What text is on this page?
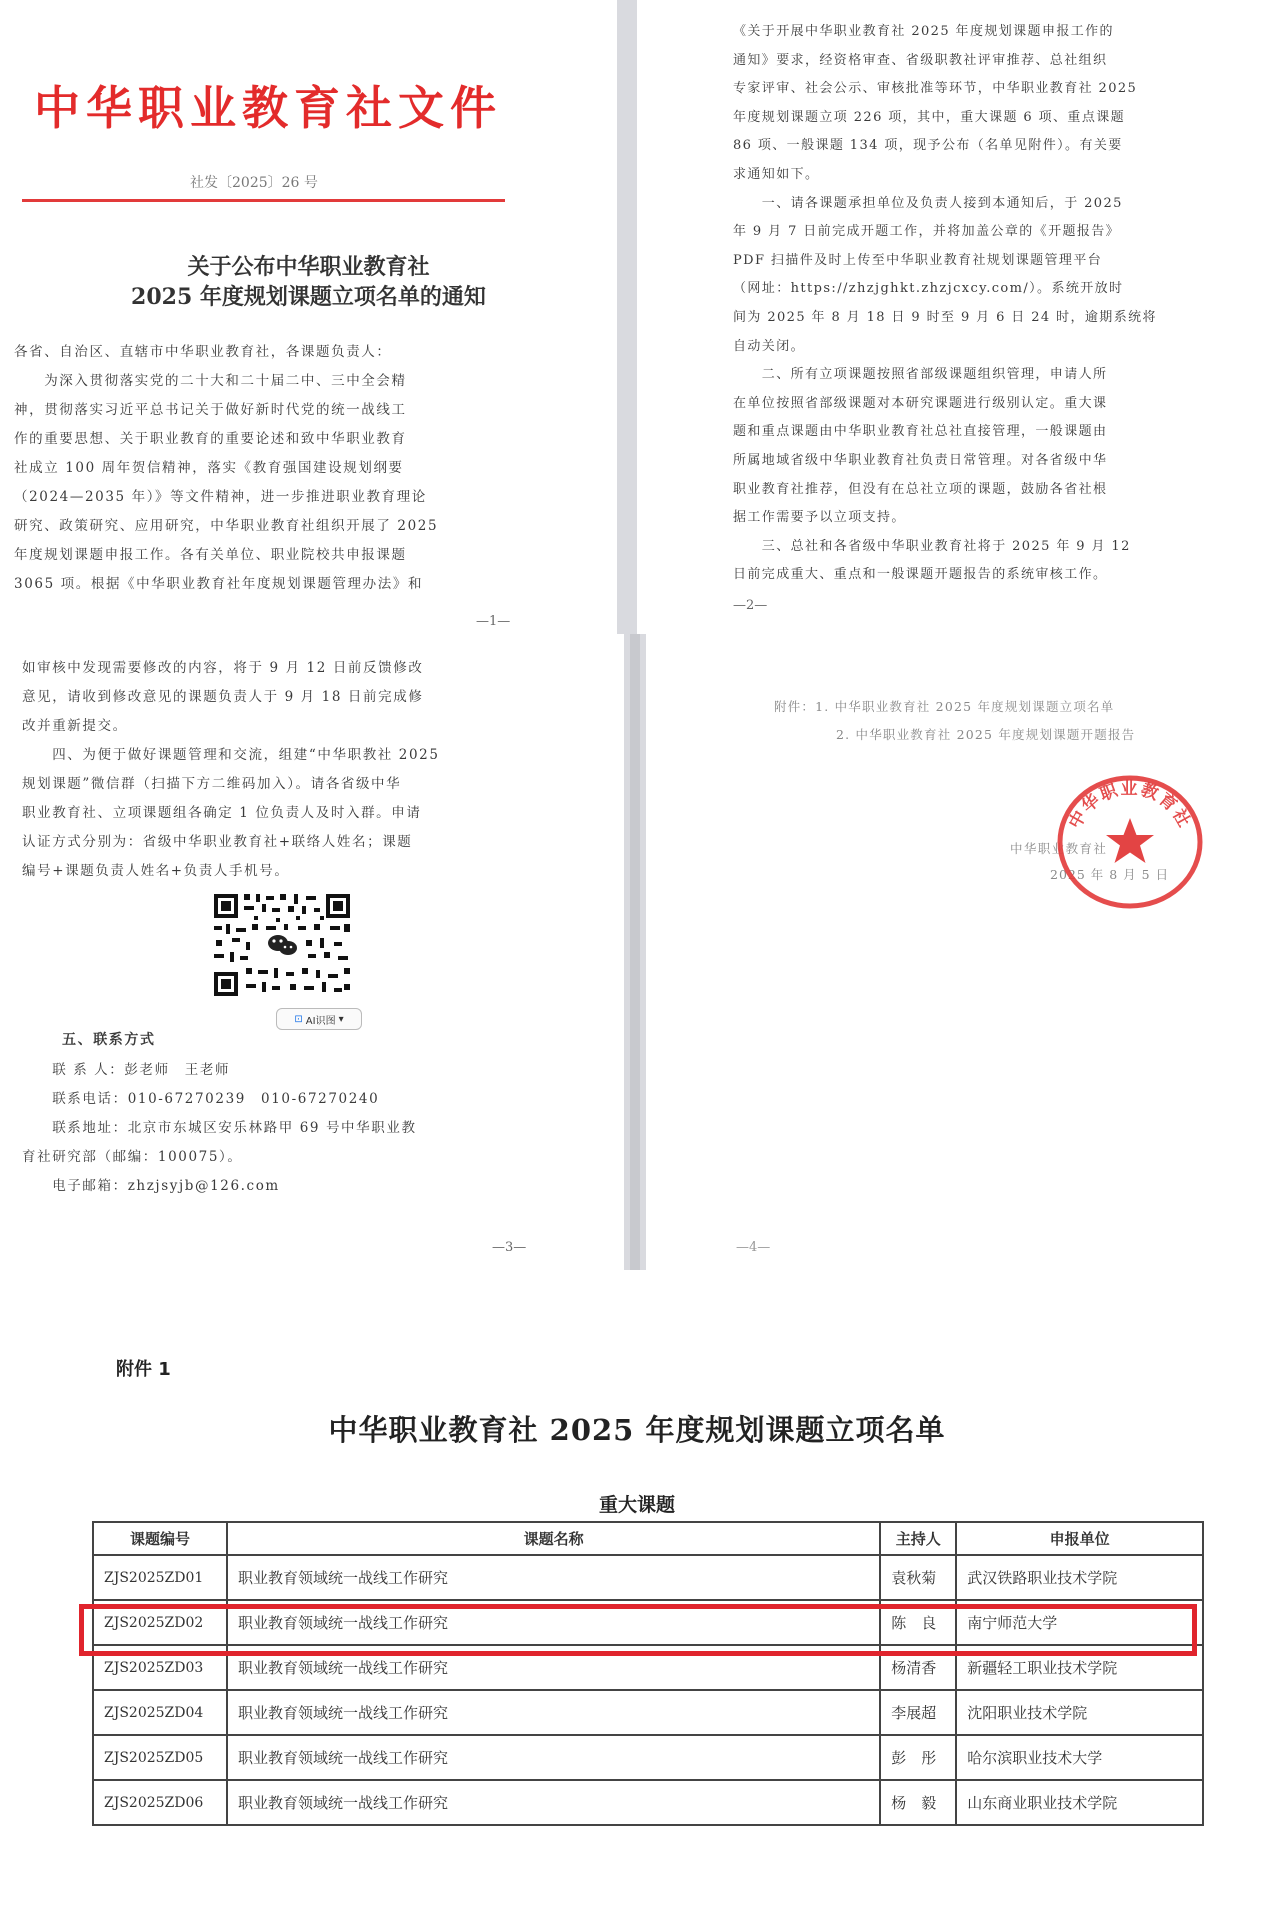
中华职业教育社文件
社发〔2025〕26 号
关于公布中华职业教育社
2025 年度规划课题立项名单的通知
各省、自治区、直辖市中华职业教育社，各课题负责人：
　　为深入贯彻落实党的二十大和二十届二中、三中全会精
神，贯彻落实习近平总书记关于做好新时代党的统一战线工
作的重要思想、关于职业教育的重要论述和致中华职业教育
社成立 100 周年贺信精神，落实《教育强国建设规划纲要
（2024—2035 年）》等文件精神，进一步推进职业教育理论
研究、政策研究、应用研究，中华职业教育社组织开展了 2025
年度规划课题申报工作。各有关单位、职业院校共申报课题
3065 项。根据《中华职业教育社年度规划课题管理办法》和
—1—
《关于开展中华职业教育社 2025 年度规划课题申报工作的
通知》要求，经资格审查、省级职教社评审推荐、总社组织
专家评审、社会公示、审核批准等环节，中华职业教育社 2025
年度规划课题立项 226 项，其中，重大课题 6 项、重点课题
86 项、一般课题 134 项，现予公布（名单见附件）。有关要
求通知如下。
　　一、请各课题承担单位及负责人接到本通知后，于 2025
年 9 月 7 日前完成开题工作，并将加盖公章的《开题报告》
PDF 扫描件及时上传至中华职业教育社规划课题管理平台
（网址：https://zhzjghkt.zhzjcxcy.com/）。系统开放时
间为 2025 年 8 月 18 日 9 时至 9 月 6 日 24 时，逾期系统将
自动关闭。
　　二、所有立项课题按照省部级课题组织管理，申请人所
在单位按照省部级课题对本研究课题进行级别认定。重大课
题和重点课题由中华职业教育社总社直接管理，一般课题由
所属地域省级中华职业教育社负责日常管理。对各省级中华
职业教育社推荐，但没有在总社立项的课题，鼓励各省社根
据工作需要予以立项支持。
　　三、总社和各省级中华职业教育社将于 2025 年 9 月 12
日前完成重大、重点和一般课题开题报告的系统审核工作。
—2—
如审核中发现需要修改的内容，将于 9 月 12 日前反馈修改
意见，请收到修改意见的课题负责人于 9 月 18 日前完成修
改并重新提交。
　　四、为便于做好课题管理和交流，组建“中华职教社 2025
规划课题”微信群（扫描下方二维码加入）。请各省级中华
职业教育社、立项课题组各确定 1 位负责人及时入群。申请
认证方式分别为：省级中华职业教育社+联络人姓名；课题
编号+课题负责人姓名+负责人手机号。
五、联系方式
　　联 系 人：彭老师　王老师
　　联系电话：010-67270239　010-67270240
　　联系地址：北京市东城区安乐林路甲 69 号中华职业教
育社研究部（邮编：100075）。
　　电子邮箱：zhzjsyjb@126.com
—3—
⊡ AI识图 ▾
附件：1. 中华职业教育社 2025 年度规划课题立项名单
2. 中华职业教育社 2025 年度规划课题开题报告
中华职业教育社
2025 年 8 月 5 日
—4—
中华职业教育社
附件 1
中华职业教育社 2025 年度规划课题立项名单
重大课题
课题编号	课题名称	主持人	申报单位
ZJS2025ZD01	职业教育领域统一战线工作研究	袁秋菊	武汉铁路职业技术学院
ZJS2025ZD02	职业教育领域统一战线工作研究	陈　良	南宁师范大学
ZJS2025ZD03	职业教育领域统一战线工作研究	杨清香	新疆轻工职业技术学院
ZJS2025ZD04	职业教育领域统一战线工作研究	李展超	沈阳职业技术学院
ZJS2025ZD05	职业教育领域统一战线工作研究	彭　彤	哈尔滨职业技术大学
ZJS2025ZD06	职业教育领域统一战线工作研究	杨　毅	山东商业职业技术学院
